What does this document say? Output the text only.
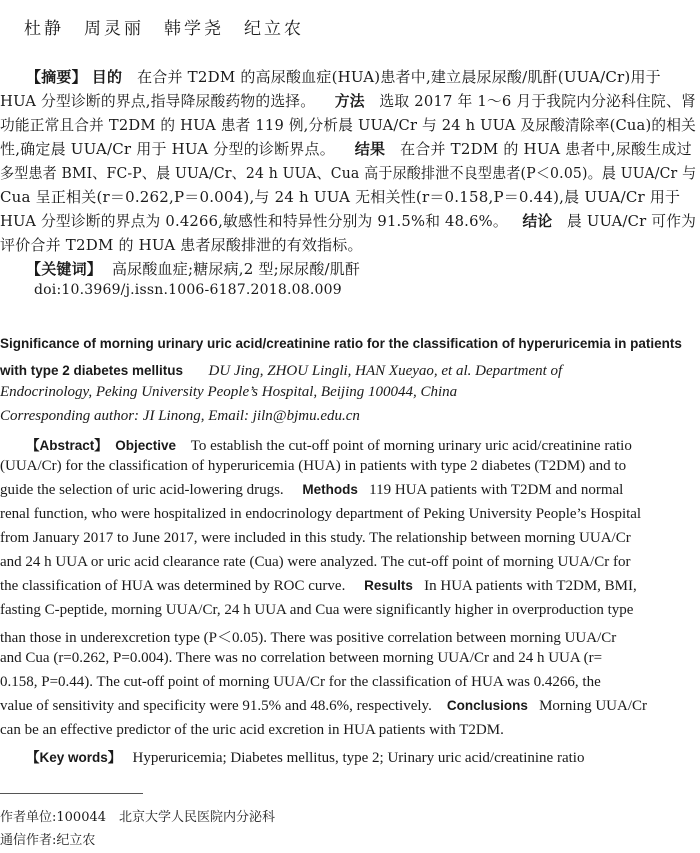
杜静　周灵丽　韩学尧　纪立农
【摘要】 目的 在合并 T2DM 的高尿酸血症(HUA)患者中,建立晨尿尿酸/肌酐(UUA/Cr)用于
HUA 分型诊断的界点,指导降尿酸药物的选择。 方法 选取 2017 年 1～6 月于我院内分泌科住院、肾
功能正常且合并 T2DM 的 HUA 患者 119 例,分析晨 UUA/Cr 与 24 h UUA 及尿酸清除率(Cua)的相关
性,确定晨 UUA/Cr 用于 HUA 分型的诊断界点。 结果 在合并 T2DM 的 HUA 患者中,尿酸生成过
多型患者 BMI、FC-P、晨 UUA/Cr、24 h UUA、Cua 高于尿酸排泄不良型患者(P＜0.05)。晨 UUA/Cr 与
Cua 呈正相关(r＝0.262,P＝0.004),与 24 h UUA 无相关性(r＝0.158,P＝0.44),晨 UUA/Cr 用于
HUA 分型诊断的界点为 0.4266,敏感性和特异性分别为 91.5%和 48.6%。 结论 晨 UUA/Cr 可作为
评价合并 T2DM 的 HUA 患者尿酸排泄的有效指标。
【关键词】 高尿酸血症;糖尿病,2 型;尿尿酸/肌酐
doi:10.3969/j.issn.1006-6187.2018.08.009
Significance of morning urinary uric acid/creatinine ratio for the classification of hyperuricemia in patients
with type 2 diabetes mellitus DU Jing, ZHOU Lingli, HAN Xueyao, et al. Department of
Endocrinology, Peking University People’s Hospital, Beijing 100044, China
Corresponding author: JI Linong, Email: jiln@bjmu.edu.cn
【Abstract】 Objective To establish the cut-off point of morning urinary uric acid/creatinine ratio
(UUA/Cr) for the classification of hyperuricemia (HUA) in patients with type 2 diabetes (T2DM) and to
guide the selection of uric acid-lowering drugs. Methods 119 HUA patients with T2DM and normal
renal function, who were hospitalized in endocrinology department of Peking University People’s Hospital
from January 2017 to June 2017, were included in this study. The relationship between morning UUA/Cr
and 24 h UUA or uric acid clearance rate (Cua) were analyzed. The cut-off point of morning UUA/Cr for
the classification of HUA was determined by ROC curve. Results In HUA patients with T2DM, BMI,
fasting C-peptide, morning UUA/Cr, 24 h UUA and Cua were significantly higher in overproduction type
than those in underexcretion type (P＜0.05). There was positive correlation between morning UUA/Cr
and Cua (r=0.262, P=0.004). There was no correlation between morning UUA/Cr and 24 h UUA (r=
0.158, P=0.44). The cut-off point of morning UUA/Cr for the classification of HUA was 0.4266, the
value of sensitivity and specificity were 91.5% and 48.6%, respectively. Conclusions Morning UUA/Cr
can be an effective predictor of the uric acid excretion in HUA patients with T2DM.
【Key words】 Hyperuricemia; Diabetes mellitus, type 2; Urinary uric acid/creatinine ratio
作者单位:100044　北京大学人民医院内分泌科
通信作者:纪立农
